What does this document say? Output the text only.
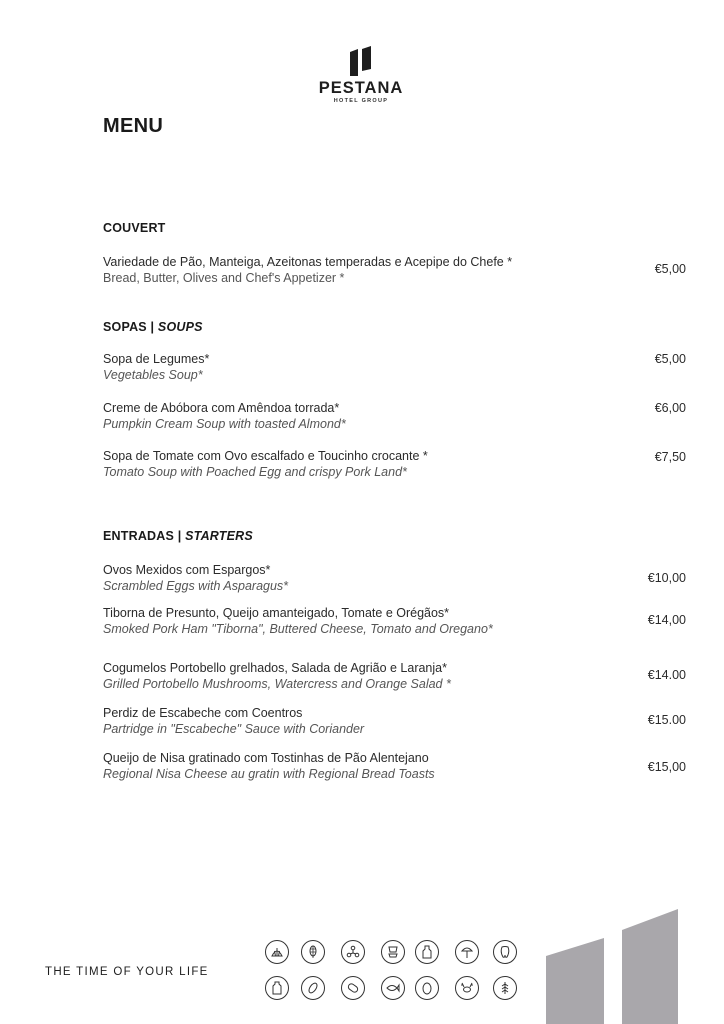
PESTANA
HOTEL GROUP
MENU
COUVERT
Variedade de Pão, Manteiga, Azeitonas temperadas e Acepipe do Chefe *
Bread, Butter, Olives and Chef's Appetizer *
€5,00
SOPAS | SOUPS
Sopa de Legumes*
Vegetables Soup*
€5,00
Creme de Abóbora com Amêndoa torrada*
Pumpkin Cream Soup with toasted Almond*
€6,00
Sopa de Tomate com Ovo escalfado e Toucinho crocante *
Tomato Soup with Poached Egg and crispy Pork Land*
€7,50
ENTRADAS | STARTERS
Ovos Mexidos com Espargos*
Scrambled Eggs with Asparagus*
€10,00
Tiborna de Presunto, Queijo amanteigado, Tomate e Orégãos*
Smoked Pork Ham "Tiborna", Buttered Cheese, Tomato and Oregano*
€14,00
Cogumelos Portobello grelhados, Salada de Agrião e Laranja*
Grilled Portobello Mushrooms, Watercress and Orange Salad *
€14.00
Perdiz de Escabeche com Coentros
Partridge in "Escabeche" Sauce with Coriander
€15.00
Queijo de Nisa gratinado com Tostinhas de Pão Alentejano
Regional Nisa Cheese au gratin with Regional Bread Toasts	€15,00
THE TIME OF YOUR LIFE
